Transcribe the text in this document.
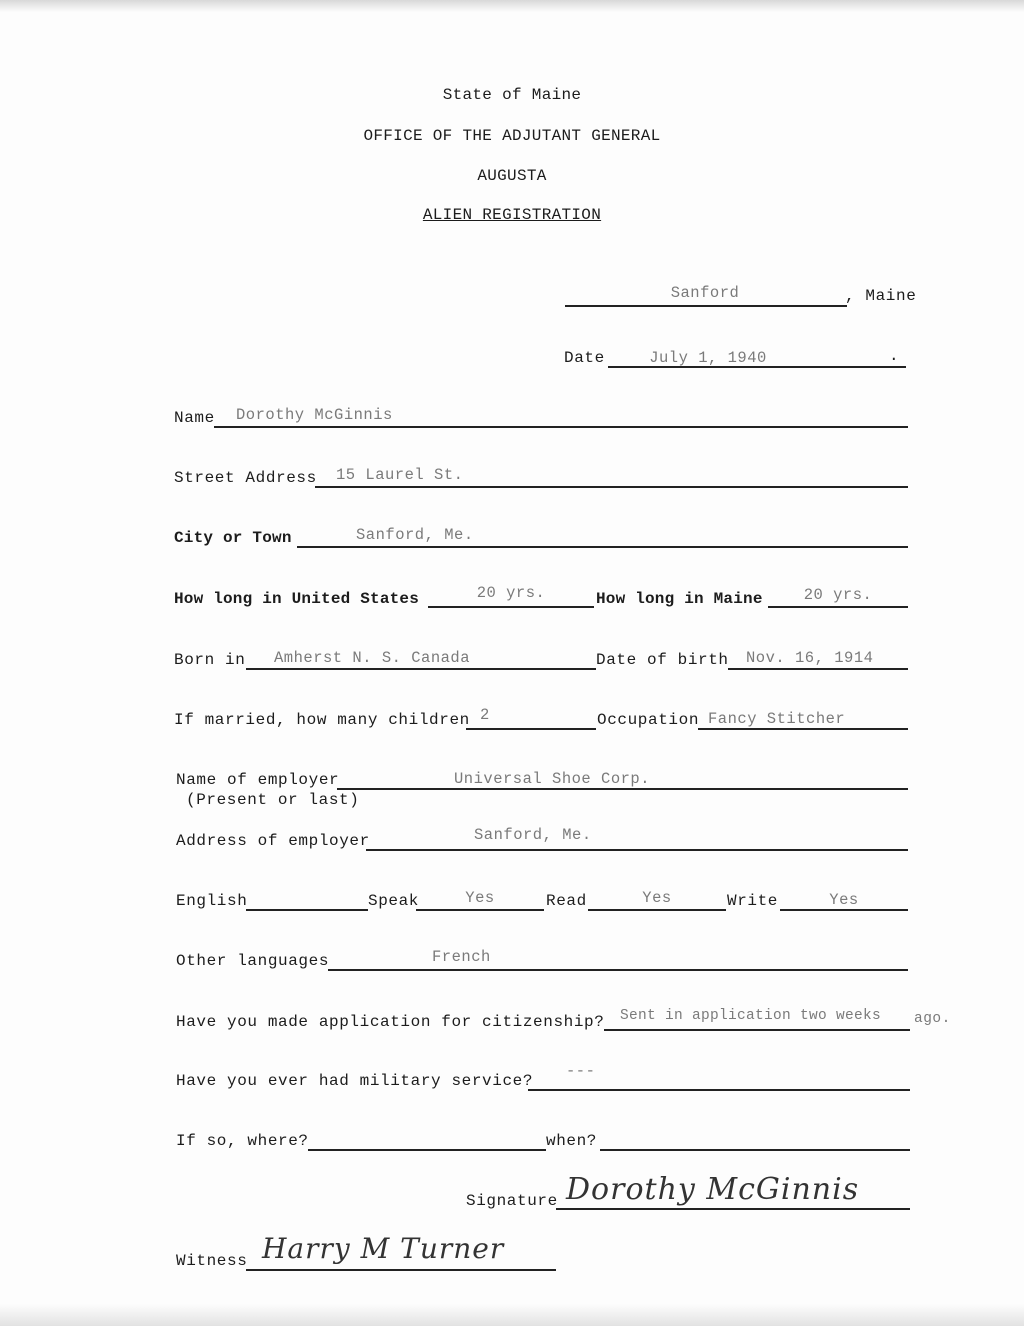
State of Maine
OFFICE OF THE ADJUTANT GENERAL
AUGUSTA
ALIEN REGISTRATION
Sanford	, Maine
Date	July 1, 1940	.
Name Dorothy McGinnis
Street Address 15 Laurel St.
City or Town	Sanford, Me.
How long in United States	20 yrs.	How long in Maine	20 yrs.
Born in Amherst N. S. Canada	Date of birth Nov. 16, 1914
If married, how many children 2	Occupation Fancy Stitcher
Name of employer
(Present or last)
Universal Shoe Corp.
Address of employer	Sanford, Me.
English	Speak	Yes	Read	Yes	Write	Yes
Other languages	French
Have you made application for citizenship? Sent in application two weeks ago.
Have you ever had military service?
---
If so, where?	when?
Signature Dorothy McGinnis
Witness Harry M Turner
